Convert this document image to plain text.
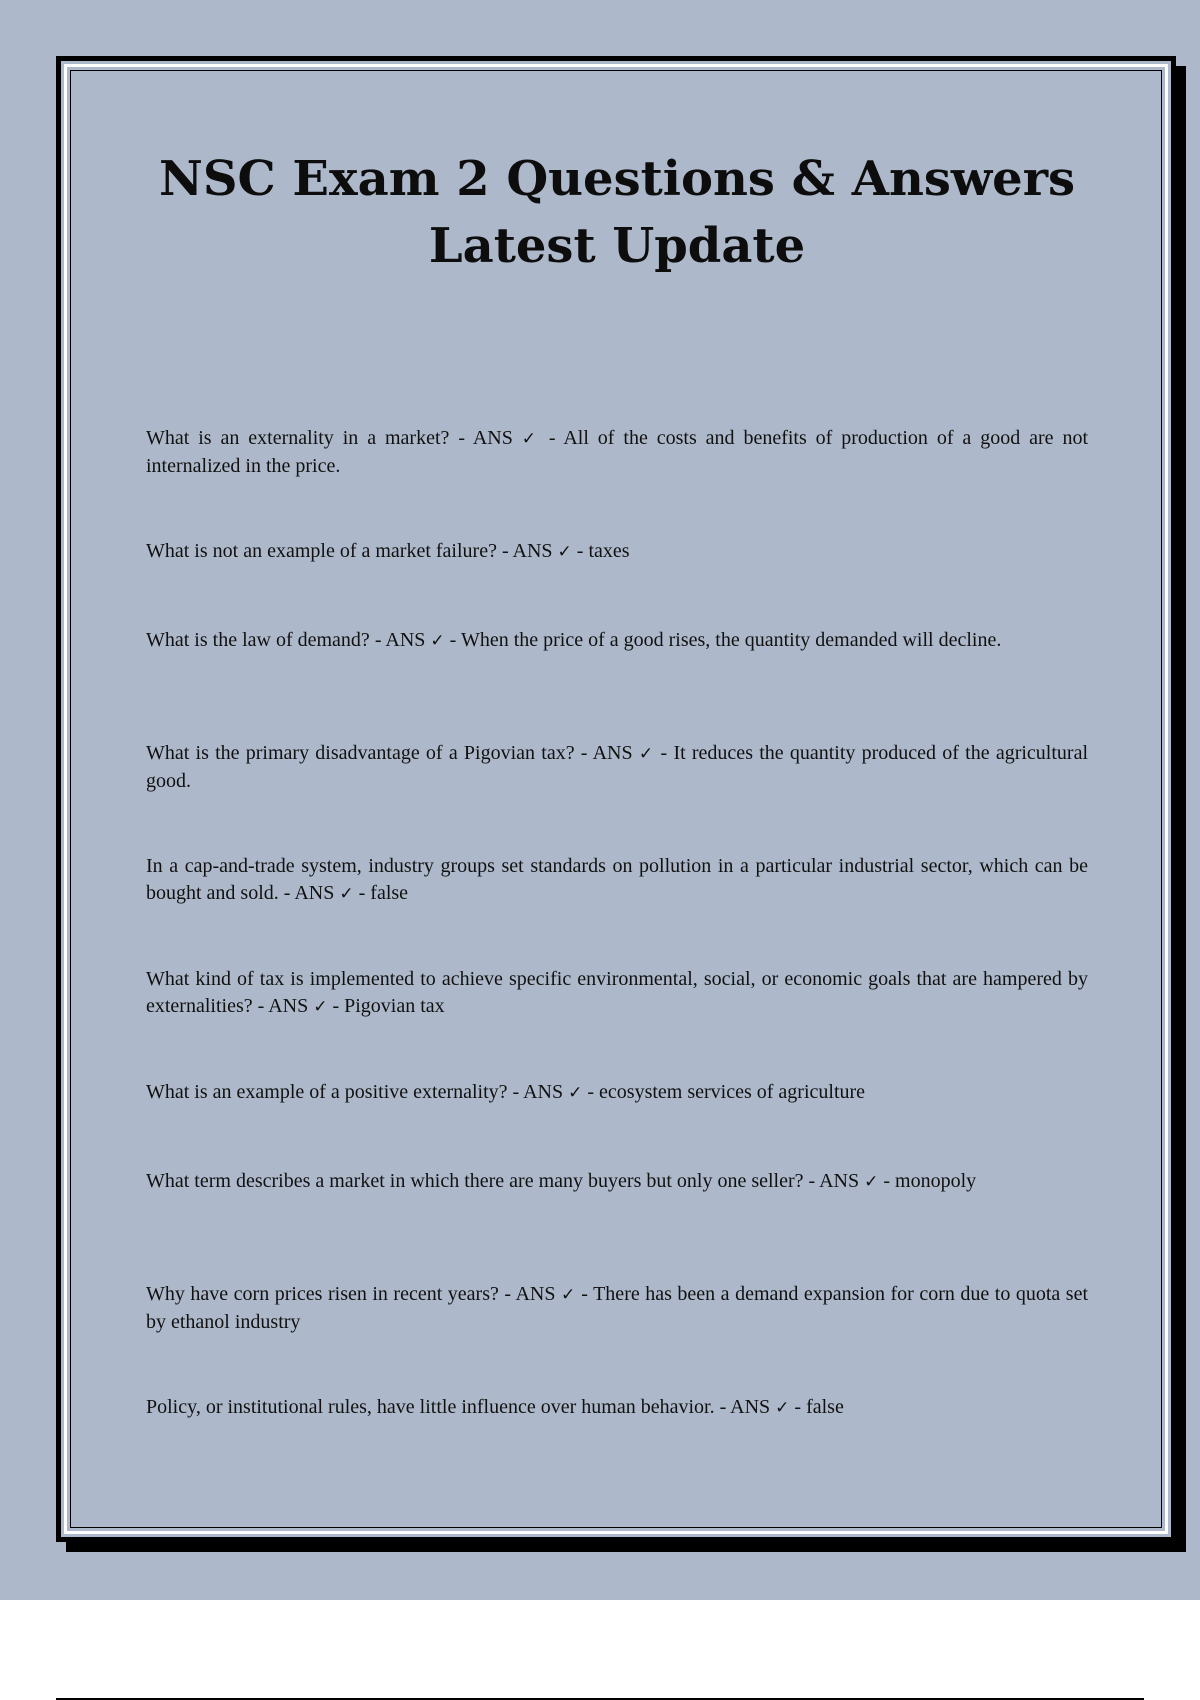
NSC Exam 2 Questions & Answers
Latest Update
What is an externality in a market? - ANS ✓ - All of the costs and benefits of production of a good are not internalized in the price.
What is not an example of a market failure? - ANS ✓ - taxes
What is the law of demand? - ANS ✓ - When the price of a good rises, the quantity demanded will decline.
What is the primary disadvantage of a Pigovian tax? - ANS ✓ - It reduces the quantity produced of the agricultural good.
In a cap-and-trade system, industry groups set standards on pollution in a particular industrial sector, which can be bought and sold. - ANS ✓ - false
What kind of tax is implemented to achieve specific environmental, social, or economic goals that are hampered by externalities? - ANS ✓ - Pigovian tax
What is an example of a positive externality? - ANS ✓ - ecosystem services of agriculture
What term describes a market in which there are many buyers but only one seller? - ANS ✓ - monopoly
Why have corn prices risen in recent years? - ANS ✓ - There has been a demand expansion for corn due to quota set by ethanol industry
Policy, or institutional rules, have little influence over human behavior. - ANS ✓ - false
